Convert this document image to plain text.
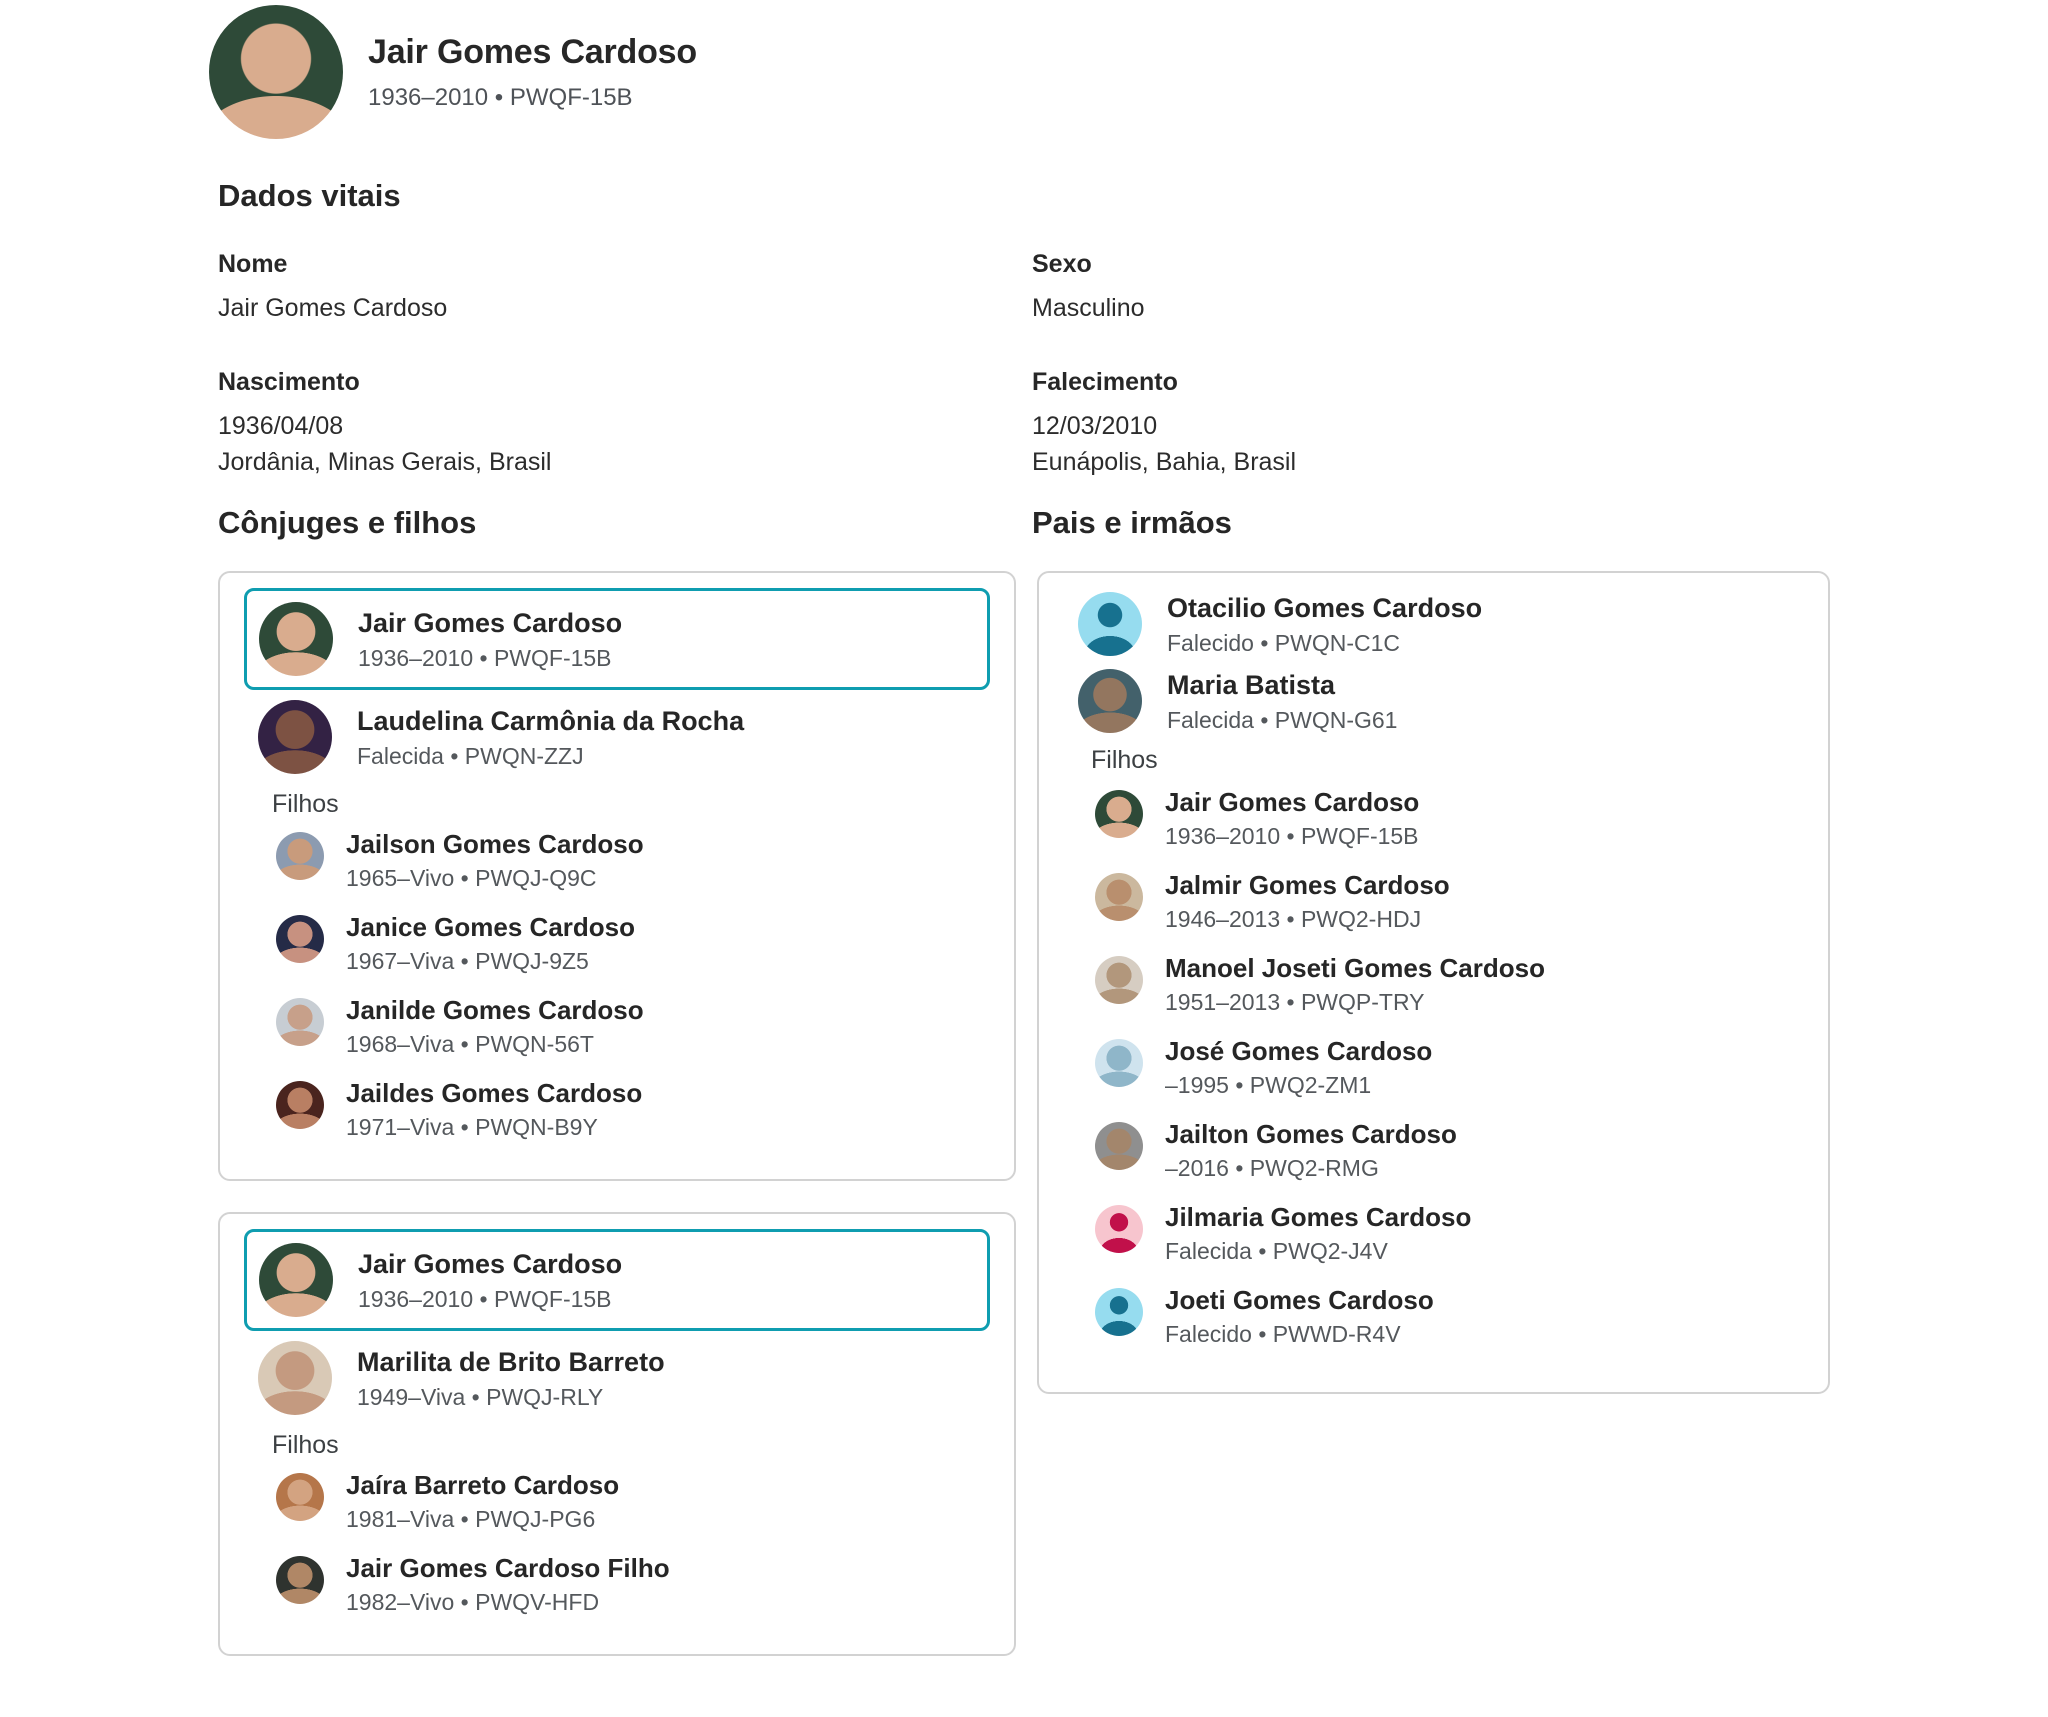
Jair Gomes Cardoso
1936–2010 • PWQF-15B
Dados vitais
Nome
Jair Gomes Cardoso
Sexo
Masculino
Nascimento
1936/04/08
Jordânia, Minas Gerais, Brasil
Falecimento
12/03/2010
Eunápolis, Bahia, Brasil
Cônjuges e filhos
Jair Gomes Cardoso
1936–2010 • PWQF-15B
Laudelina Carmônia da Rocha
Falecida • PWQN-ZZJ
Filhos
Jailson Gomes Cardoso
1965–Vivo • PWQJ-Q9C
Janice Gomes Cardoso
1967–Viva • PWQJ-9Z5
Janilde Gomes Cardoso
1968–Viva • PWQN-56T
Jaildes Gomes Cardoso
1971–Viva • PWQN-B9Y
Jair Gomes Cardoso
1936–2010 • PWQF-15B
Marilita de Brito Barreto
1949–Viva • PWQJ-RLY
Filhos
Jaíra Barreto Cardoso
1981–Viva • PWQJ-PG6
Jair Gomes Cardoso Filho
1982–Vivo • PWQV-HFD
Pais e irmãos
Otacilio Gomes Cardoso
Falecido • PWQN-C1C
Maria Batista
Falecida • PWQN-G61
Filhos
Jair Gomes Cardoso
1936–2010 • PWQF-15B
Jalmir Gomes Cardoso
1946–2013 • PWQ2-HDJ
Manoel Joseti Gomes Cardoso
1951–2013 • PWQP-TRY
José Gomes Cardoso
–1995 • PWQ2-ZM1
Jailton Gomes Cardoso
–2016 • PWQ2-RMG
Jilmaria Gomes Cardoso
Falecida • PWQ2-J4V
Joeti Gomes Cardoso
Falecido • PWWD-R4V
